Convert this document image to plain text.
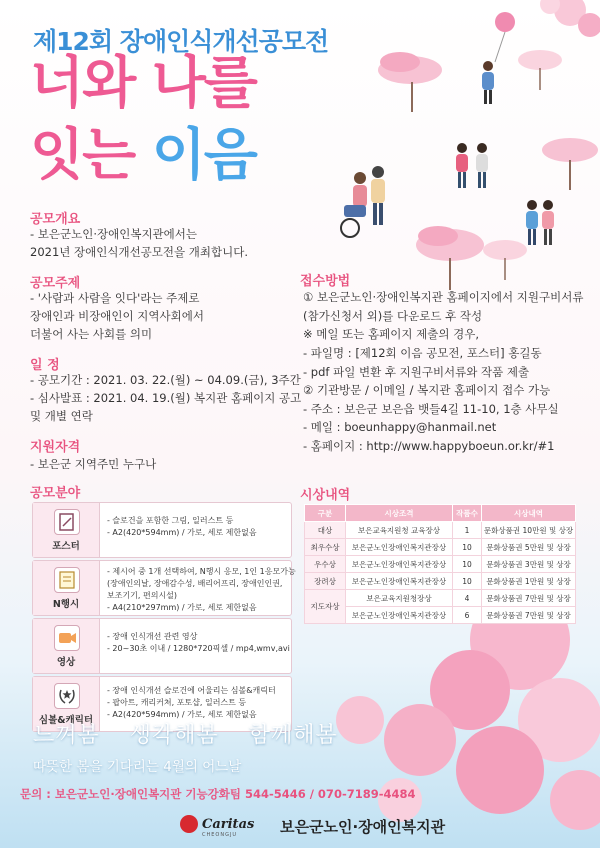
제12회 장애인식개선공모전
너와 나를
잇는 이음
공모개요
- 보은군노인·장애인복지관에서는
2021년 장애인식개선공모전을 개최합니다.
공모주제
- '사람과 사람을 잇다'라는 주제로
장애인과 비장애인이 지역사회에서
더불어 사는 사회를 의미
일 정
- 공모기간 : 2021. 03. 22.(월) ~ 04.09.(금), 3주간
- 심사발표 : 2021. 04. 19.(월) 복지관 홈페이지 공고
및 개별 연락
지원자격
- 보은군 지역주민 누구나
공모분야
포스터
- 슬로건을 포함한 그림, 일러스트 등
- A2(420*594mm) / 가로, 세로 제한없음
N행시
- 제시어 중 1개 선택하여, N행시 응모, 1인 1응모가능
(장애인의날, 장애감수성, 배리어프리, 장애인인권,
보조기기, 편의시설)
- A4(210*297mm) / 가로, 세로 제한없음
영상
- 장애 인식개선 관련 영상
- 20~30초 이내 / 1280*720픽셀 / mp4,wmv,avi
심볼&캐릭터
- 장애 인식개선 슬로건에 어울리는 심볼&캐릭터
- 팝아트, 캐리커쳐, 포토샵, 일러스트 등
- A2(420*594mm) / 가로, 세로 제한없음
접수방법
① 보은군노인·장애인복지관 홈페이지에서 지원구비서류
(참가신청서 외)를 다운로드 후 작성
※ 메일 또는 홈페이지 제출의 경우,
- 파일명 : [제12회 이음 공모전, 포스터] 홍길동
- pdf 파일 변환 후 지원구비서류와 작품 제출
② 기관방문 / 이메일 / 복지관 홈페이지 접수 가능
- 주소 : 보은군 보은읍 뱃들4길 11-10, 1층 사무실
- 메일 : boeunhappy@hanmail.net
- 홈페이지 : http://www.happyboeun.or.kr/#1
시상내역
구분	시상조격	작품수	시상내역
대상	보은교육지원청 교육장상	1	문화상품권 10만원 및 상장
최우수상	보은군노인장애인복지관장상	10	문화상품권 5만원 및 상장
우수상	보은군노인장애인복지관장상	10	문화상품권 3만원 및 상장
장려상	보은군노인장애인복지관장상	10	문화상품권 1만원 및 상장
지도자상	보은교육지원청장상	4	문화상품권 7만원 및 상장
	보은군노인장애인복지관장상	6	문화상품권 7만원 및 상장
느껴봄 생각해봄 함께해봄
따뜻한 봄을 기다리는 4월의 어느날
문의 : 보은군노인·장애인복지관 기능강화팀 544-5446 / 070-7189-4484
Caritas
CHEONGJU	보은군노인·장애인복지관
